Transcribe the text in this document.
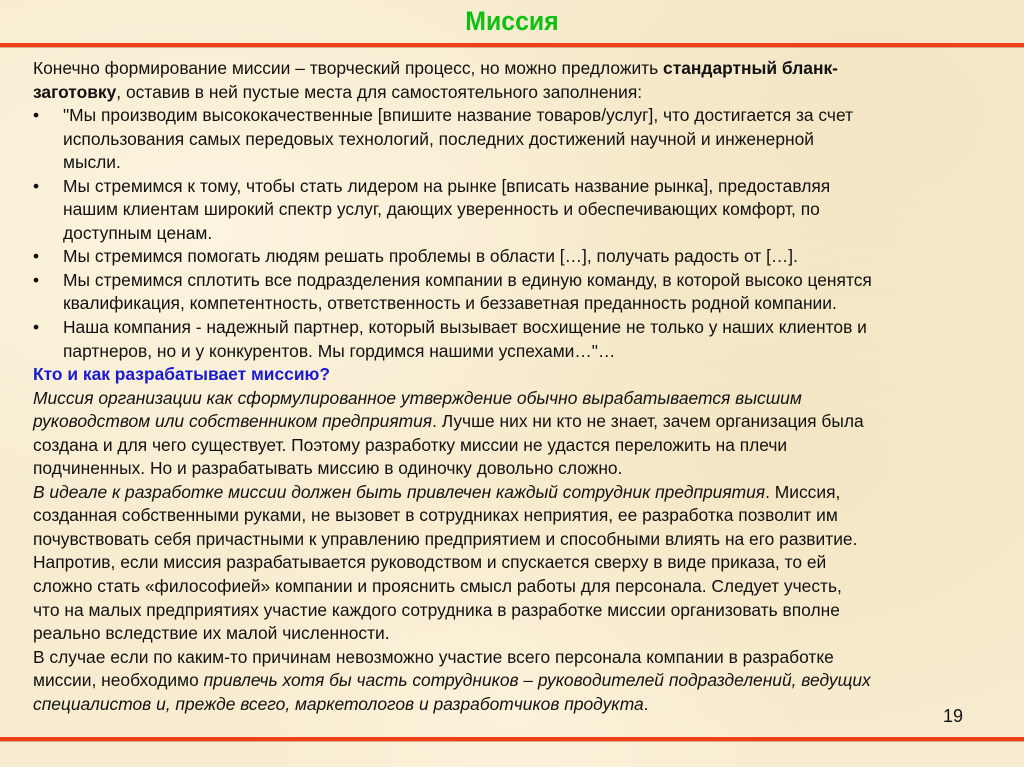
Миссия
Конечно формирование миссии – творческий процесс, но можно предложить стандартный бланк-
заготовку, оставив в ней пустые места для самостоятельного заполнения:
• "Мы производим высококачественные [впишите название товаров/услуг], что достигается за счет
использования самых передовых технологий, последних достижений научной и инженерной
мысли.
• Мы стремимся к тому, чтобы стать лидером на рынке [вписать название рынка], предоставляя
нашим клиентам широкий спектр услуг, дающих уверенность и обеспечивающих комфорт, по
доступным ценам.
• Мы стремимся помогать людям решать проблемы в области […], получать радость от […].
• Мы стремимся сплотить все подразделения компании в единую команду, в которой высоко ценятся
квалификация, компетентность, ответственность и беззаветная преданность родной компании.
• Наша компания - надежный партнер, который вызывает восхищение не только у наших клиентов и
партнеров, но и у конкурентов. Мы гордимся нашими успехами…"…
Кто и как разрабатывает миссию?
Миссия организации как сформулированное утверждение обычно вырабатывается высшим
руководством или собственником предприятия. Лучше них ни кто не знает, зачем организация была
создана и для чего существует. Поэтому разработку миссии не удастся переложить на плечи
подчиненных. Но и разрабатывать миссию в одиночку довольно сложно.
В идеале к разработке миссии должен быть привлечен каждый сотрудник предприятия. Миссия,
созданная собственными руками, не вызовет в сотрудниках неприятия, ее разработка позволит им
почувствовать себя причастными к управлению предприятием и способными влиять на его развитие.
Напротив, если миссия разрабатывается руководством и спускается сверху в виде приказа, то ей
сложно стать «философией» компании и прояснить смысл работы для персонала. Следует учесть,
что на малых предприятиях участие каждого сотрудника в разработке миссии организовать вполне
реально вследствие их малой численности.
В случае если по каким-то причинам невозможно участие всего персонала компании в разработке
миссии, необходимо привлечь хотя бы часть сотрудников – руководителей подразделений, ведущих
специалистов и, прежде всего, маркетологов и разработчиков продукта.
19
